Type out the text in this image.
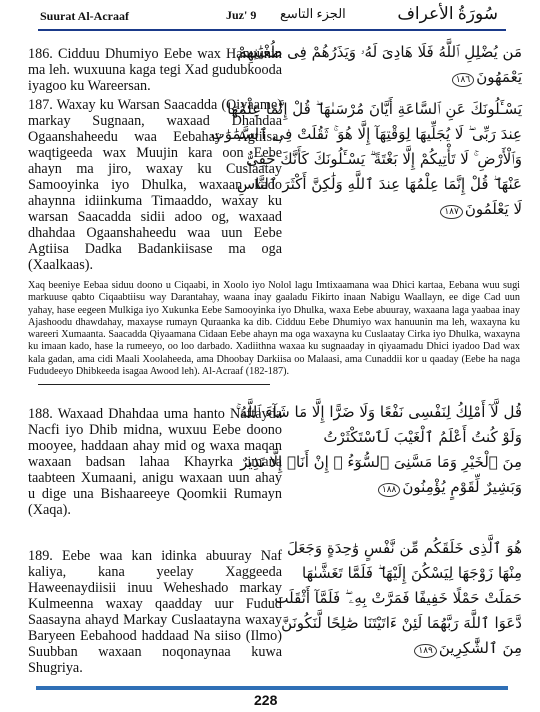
Suurat Al-Acraaf	Juz' 9 الجزء التاسع	سُورَةُ الأعراف

186. Cidduu Dhumiyo Eebe wax Hanuunin ma leh. wuxuuna kaga tegi Xad gudubkooda iyagoo ku Wareersan.

مَن يُضْلِلِ ٱللَّهُ فَلَا هَادِىَ لَهُۥ وَيَذَرُهُمْ فِى طُغْيَٰنِهِمْ
يَعْمَهُونَ١٨٦

187. Waxay ku Warsan Saacadda (Qiyaame) markay Sugnaan, waxaad Dhahdaa Ogaanshaheedu waa Eebahay Agtiisa, waqtigeeda wax Muujin kara oon Eebe ahayn ma jiro, waxay ku Cuslaatay Samooyinka iyo Dhulka, waxaan kado ahaynna idiinkuma Timaaddo, waxay ku warsan Saacadda sidii adoo og, waxaad dhahdaa Ogaanshaheedu waa uun Eebe Agtiisa Dadka Badankiisase ma oga (Xaalkaas).

يَسْـَٔلُونَكَ عَنِ ٱلسَّاعَةِ أَيَّانَ مُرْسَىٰهَا ۖ قُلْ إِنَّمَا عِلْمُهَا
عِندَ رَبِّى ۖ لَا يُجَلِّيهَا لِوَقْتِهَآ إِلَّا هُوَ ۚ ثَقُلَتْ فِى ٱلسَّمَٰوَٰتِ
وَٱلْأَرْضِ ۚ لَا تَأْتِيكُمْ إِلَّا بَغْتَةً ۗ يَسْـَٔلُونَكَ كَأَنَّكَ حَفِىٌّ
عَنْهَا ۖ قُلْ إِنَّمَا عِلْمُهَا عِندَ ٱللَّهِ وَلَٰكِنَّ أَكْثَرَ ٱلنَّاسِ
لَا يَعْلَمُونَ١٨٧
Xaq beeniye Eebaa siduu doono u Ciqaabi, in Xoolo iyo Nolol lagu Imtixaamana waa Dhici kartaa, Eebana wuu sugi markuuse qabto Ciqaabtiisu way Darantahay, waana inay gaaladu Fikirto inaan Nabigu Waallayn, ee dige Cad uun yahay, hase eegeen Mulkiga iyo Xukunka Eebe Samooyinka iyo Dhulka, waxa Eebe abuuray, waxaana laga yaabaa inay Ajashoodu dhawdahay, maxayse rumayn Quraanka ka dib. Cidduu Eebe Dhumiyo wax hanuunin ma leh, waxayna ku wareeri Xumaanta. Saacadda Qiyaamana Cidaan Eebe ahayn ma oga waxayna ku Cuslaatay Cirka iyo Dhulka, waxayna ku imaan kado, hase la rumeeyo, oo loo darbado. Xadiithna waxaa ku sugnaaday in qiyaamadu Dhici iyadoo Dad wax kala gadan, ama cidi Maali Xoolaheeda, ama Dhoobay Darkiisa oo Malaasi, ama Cunaddii kor u qaaday (Eebe ha naga Fududeeyo Dhibkeeda isagaa Awood leh). Al-Acraaf (182-187).

188. Waxaad Dhahdaa uma hanto Naftayda Nacfi iyo Dhib midna, wuxuu Eebe doono mooyee, haddaan ahay mid og waxa maqan waxaan badsan lahaa Khayrka imana taabteen Xumaani, anigu waxaan uun ahay u dige una Bishaareeye Qoomkii Rumayn (Xaqa).

قُل لَّآ أَمْلِكُ لِنَفْسِى نَفْعًا وَلَا ضَرًّا إِلَّا مَا شَآءَ ٱللَّهُ ۚ
وَلَوْ كُنتُ أَعْلَمُ ٱلْغَيْبَ لَٱسْتَكْثَرْتُ
مِنَ ٱلْخَيْرِ وَمَا مَسَّنِىَ ٱلسُّوٓءُ ۚ إِنْ أَنَا۠ إِلَّا نَذِيرٌ
وَبَشِيرٌ لِّقَوْمٍ يُؤْمِنُونَ١٨٨

189. Eebe waa kan idinka abuuray Naf kaliya, kana yeelay Xaggeeda Haweenaydiisii inuu Weheshado markay Kulmeenna waxay qaadday uur Fudud Saasayna ahayd Markay Cuslaatayna waxay Baryeen Eebahood haddaad Na siiso (Ilmo) Suubban waxaan noqonaynaa kuwa Shugriya.

هُوَ ٱلَّذِى خَلَقَكُم مِّن نَّفْسٍ وَٰحِدَةٍ وَجَعَلَ
مِنْهَا زَوْجَهَا لِيَسْكُنَ إِلَيْهَا ۖ فَلَمَّا تَغَشَّىٰهَا
حَمَلَتْ حَمْلًا خَفِيفًا فَمَرَّتْ بِهِۦ ۖ فَلَمَّآ أَثْقَلَت
دَّعَوَا ٱللَّهَ رَبَّهُمَا لَئِنْ ءَاتَيْتَنَا صَٰلِحًا لَّنَكُونَنَّ
مِنَ ٱلشَّٰكِرِينَ١٨٩
228
